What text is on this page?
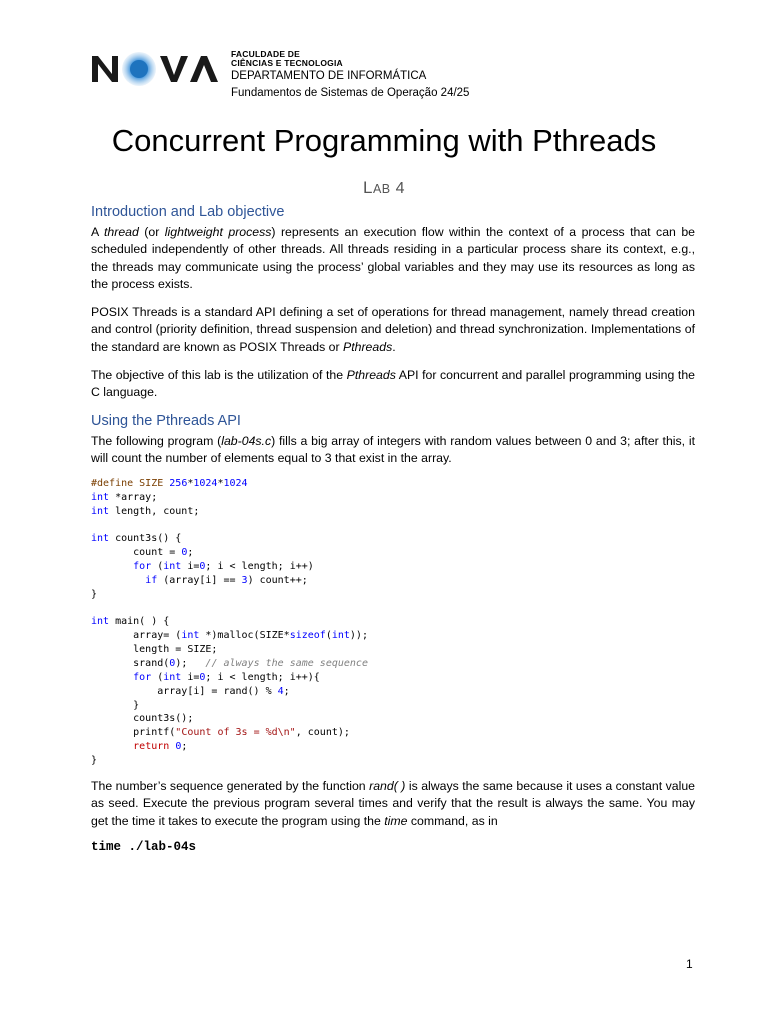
FACULDADE DE
CIÊNCIAS E TECNOLOGIA
DEPARTAMENTO DE INFORMÁTICA
Fundamentos de Sistemas de Operação 24/25
Concurrent Programming with Pthreads
LAB 4
Introduction and Lab objective

A thread (or lightweight process) represents an execution flow within the context of a process that can be scheduled independently of other threads. All threads residing in a particular process share its context, e.g., the threads may communicate using the process’ global variables and they may use its resources as long as the process exists.

POSIX Threads is a standard API defining a set of operations for thread management, namely thread creation and control (priority definition, thread suspension and deletion) and thread synchronization. Implementations of the standard are known as POSIX Threads or Pthreads.

The objective of this lab is the utilization of the Pthreads API for concurrent and parallel programming using the C language.

Using the Pthreads API

The following program (lab-04s.c) fills a big array of integers with random values between 0 and 3; after this, it will count the number of elements equal to 3 that exist in the array.

#define SIZE 256*1024*1024
int *array;
int length, count;

int count3s() {
count = 0;
for (int i=0; i < length; i++)
if (array[i] == 3) count++;
}

int main( ) {
array= (int *)malloc(SIZE*sizeof(int));
length = SIZE;
srand(0);   // always the same sequence
for (int i=0; i < length; i++){
array[i] = rand() % 4;
}
count3s();
printf("Count of 3s = %d\n", count);
return 0;
}

The number’s sequence generated by the function rand( ) is always the same because it uses a constant value as seed. Execute the previous program several times and verify that the result is always the same. You may get the time it takes to execute the program using the time command, as in

time ./lab-04s
1
